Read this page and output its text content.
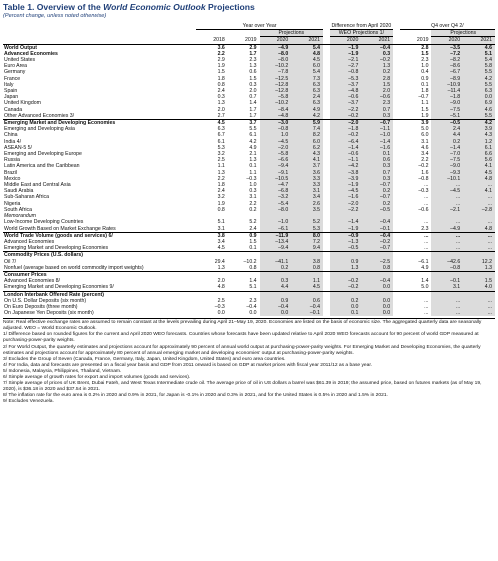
Table 1. Overview of the World Economic Outlook Projections
(Percent change, unless noted otherwise)
	Year over Year					Difference from April 2020			Q4 over Q4 2/		
			Projections			WEO Projections 1/				Projections	
	2018	2019	2020	2021		2020	2021		2019	2020	2021
World Output	3.6	2.9	–4.9	5.4		–1.9	–0.4		2.8	–3.5	4.6
Advanced Economies	2.2	1.7	–8.0	4.8		–1.9	0.3		1.5	–7.2	5.1
United States	2.9	2.3	–8.0	4.5		–2.1	–0.2		2.3	–8.2	5.4
Euro Area	1.9	1.3	–10.2	6.0		–2.7	1.3		1.0	–8.6	5.8
Germany	1.5	0.6	–7.8	5.4		–0.8	0.2		0.4	–6.7	5.5
France	1.8	1.5	–12.5	7.3		–5.3	2.8		0.9	–8.9	4.2
Italy	0.8	0.3	–12.8	6.3		–3.7	1.5		0.1	–10.9	5.5
Spain	2.4	2.0	–12.8	6.3		–4.8	2.0		1.8	–11.4	6.3
Japan	0.3	0.7	–5.8	2.4		–0.6	–0.6		–0.7	–1.8	0.0
United Kingdom	1.3	1.4	–10.2	6.3		–3.7	2.3		1.1	–9.0	6.9
Canada	2.0	1.7	–8.4	4.9		–2.2	0.7		1.5	–7.5	4.6
Other Advanced Economies 3/	2.7	1.7	–4.8	4.2		–0.2	0.3		1.9	–5.1	5.5
Emerging Market and Developing Economies	4.5	3.7	–3.0	5.9		–2.0	–0.7		3.9	–0.5	4.2
Emerging and Developing Asia	6.3	5.5	–0.8	7.4		–1.8	–1.1		5.0	2.4	3.9
China	6.7	6.1	1.0	8.2		–0.2	–1.0		6.0	4.4	4.3
India 4/	6.1	4.2	–4.5	6.0		–6.4	–1.4		3.1	0.2	1.2
ASEAN-5 5/	5.3	4.9	–2.0	6.2		–1.4	–1.6		4.6	–1.4	6.1
Emerging and Developing Europe	3.2	2.1	–5.8	4.3		–0.6	0.1		3.4	–7.0	6.6
Russia	2.5	1.3	–6.6	4.1		–1.1	0.6		2.2	–7.5	5.6
Latin America and the Caribbean	1.1	0.1	–9.4	3.7		–4.2	0.3		–0.2	–9.0	4.1
Brazil	1.3	1.1	–9.1	3.6		–3.8	0.7		1.6	–9.3	4.5
Mexico	2.2	–0.3	–10.5	3.3		–3.9	0.3		–0.8	–10.1	4.8
Middle East and Central Asia	1.8	1.0	–4.7	3.3		–1.9	–0.7		...	...	...
Saudi Arabia	2.4	0.3	–6.8	3.1		–4.5	0.2		–0.3	–4.5	4.1
Sub-Saharan Africa	3.2	3.1	–3.2	3.4		–1.6	–0.7		...	...	...
Nigeria	1.9	2.2	–5.4	2.6		–2.0	0.2		...	...	...
South Africa	0.8	0.2	–8.0	3.5		–2.2	–0.5		–0.6	–2.1	–2.8
Memorandum											
Low-Income Developing Countries	5.1	5.2	–1.0	5.2		–1.4	–0.4		...	...	...
World Growth Based on Market Exchange Rates	3.1	2.4	–6.1	5.3		–1.9	–0.1		2.3	–4.9	4.8
World Trade Volume (goods and services) 6/	3.8	0.9	–11.9	8.0		–0.9	–0.4		...	...	...
Advanced Economies	3.4	1.5	–13.4	7.2		–1.3	–0.2		...	...	...
Emerging Market and Developing Economies	4.5	0.1	–9.4	9.4		–0.5	–0.7		...	...	...
Commodity Prices (U.S. dollars)											
Oil 7/	29.4	–10.2	–41.1	3.8		0.9	–2.5		–6.1	–42.6	12.2
Nonfuel (average based on world commodity import weights)	1.3	0.8	0.2	0.8		1.3	0.8		4.9	–0.8	1.3
Consumer Prices											
Advanced Economies 8/	2.0	1.4	0.3	1.1		–0.2	–0.4		1.4	–0.1	1.5
Emerging Market and Developing Economies 9/	4.8	5.1	4.4	4.5		–0.2	0.0		5.0	3.1	4.0
London Interbank Offered Rate (percent)											
On U.S. Dollar Deposits (six month)	2.5	2.3	0.9	0.6		0.2	0.0		...	...	...
On Euro Deposits (three month)	–0.3	–0.4	–0.4	–0.4		0.0	0.0		...	...	...
On Japanese Yen Deposits (six month)	0.0	0.0	0.0	–0.1		0.1	0.0		...	...	...

Note: Real effective exchange rates are assumed to remain constant at the levels prevailing during April 21–May 19, 2020. Economies are listed on the basis of economic size. The aggregated quarterly data are seasonally adjusted. WEO = World Economic Outlook.

1/ Difference based on rounded figures for the current and April 2020 WEO forecasts. Countries whose forecasts have been updated relative to April 2020 WEO forecasts account for 90 percent of world GDP measured at purchasing-power-parity weights.

2/ For World Output, the quarterly estimates and projections account for approximately 90 percent of annual world output at purchasing-power-parity weights. For Emerging Market and Developing Economies, the quarterly estimates and projections account for approximately 80 percent of annual emerging market and developing economies' output at purchasing-power-parity weights.

3/ Excludes the Group of Seven (Canada, France, Germany, Italy, Japan, United Kingdom, United States) and euro area countries.

4/ For India, data and forecasts are presented on a fiscal year basis and GDP from 2011 onward is based on GDP at market prices with fiscal year 2011/12 as a base year.

5/ Indonesia, Malaysia, Philippines, Thailand, Vietnam.

6/ Simple average of growth rates for export and import volumes (goods and services).

7/ Simple average of prices of UK Brent, Dubai Fateh, and West Texas Intermediate crude oil. The average price of oil in US dollars a barrel was $61.39 in 2019; the assumed price, based on futures markets (as of May 19, 2020), is $36.18 in 2020 and $37.54 in 2021.

8/ The inflation rate for the euro area is 0.2% in 2020 and 0.9% in 2021, for Japan is -0.1% in 2020 and 0.3% in 2021, and for the United States is 0.5% in 2020 and 1.5% in 2021.

9/ Excludes Venezuela.
